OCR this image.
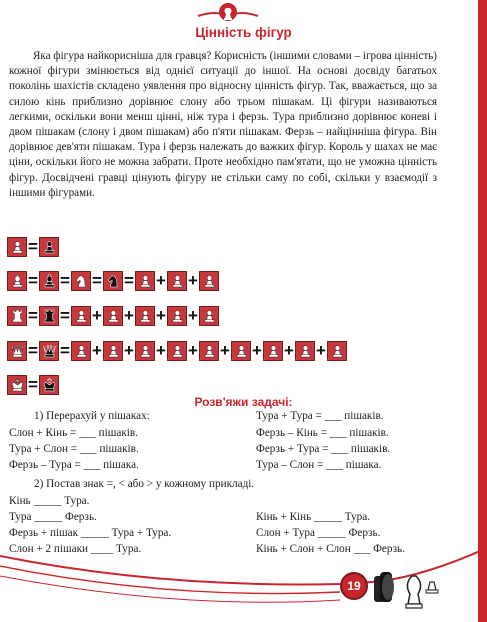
Цінність фігур

Яка фігура найкорисніша для гравця? Корисність (іншими словами – ігрова цінність) кожної фігури змінюється від однієї ситуації до іншої. На основі досвіду багатьох поколінь шахістів складено уявлення про відносну цінність фігур. Так, вважається, що за силою кінь приблизно дорівнює слону або трьом пішакам. Ці фігури називаються легкими, оскільки вони менш цінні, ніж тура і ферзь. Тура приблизно дорівнює коневі і двом пішакам (слону і двом пішакам) або п'яти пішакам. Ферзь – найцінніша фігура. Він дорівнює дев'яти пішакам. Тура і ферзь належать до важких фігур. Король у шахах не має ціни, оскільки його не можна забрати. Проте необхідно пам'ятати, що не уможна цінність фігур. Досвідчені гравці цінують фігуру не стільки саму по собі, скільки у взаємодії з іншими фігурами.

=
= = = = + +
= = + + + +
= = + + + + + + + +
=
Розв'яжи задачі:
1) Перерахуй у пішаках:
Слон + Кінь = ___ пішаків.
Тура + Слон = ___ пішаків.
Ферзь – Тура = ___ пішака.
Тура + Тура = ___ пішаків.
Ферзь – Кінь = ___ пішаків.
Ферзь + Тура = ___ пішаків.
Тура – Слон = ___ пішака.
2) Постав знак =, < або > у кожному прикладі.
Кінь _____ Тура.
Тура _____ Ферзь.
Ферзь + пішак _____ Тура + Тура.
Слон + 2 пішаки ____ Тура.
Кінь + Кінь _____ Тура.
Слон + Тура _____ Ферзь.
Кінь + Слон + Слон ___ Ферзь.
19
